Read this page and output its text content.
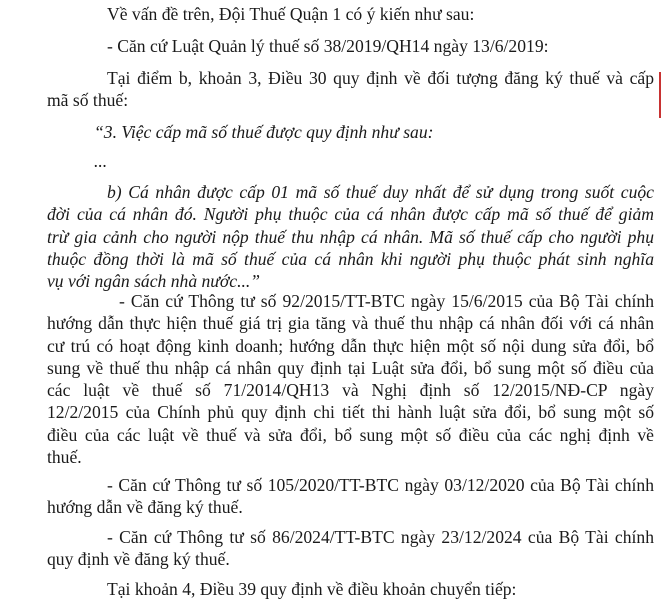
Về vấn đề trên, Đội Thuế Quận 1 có ý kiến như sau:
- Căn cứ Luật Quản lý thuế số 38/2019/QH14 ngày 13/6/2019:
Tại điểm b, khoản 3, Điều 30 quy định về đối tượng đăng ký thuế và cấp
mã số thuế:
“3. Việc cấp mã số thuế được quy định như sau:
...
b) Cá nhân được cấp 01 mã số thuế duy nhất để sử dụng trong suốt cuộc
đời của cá nhân đó. Người phụ thuộc của cá nhân được cấp mã số thuế để giảm
trừ gia cảnh cho người nộp thuế thu nhập cá nhân. Mã số thuế cấp cho người phụ
thuộc đồng thời là mã số thuế của cá nhân khi người phụ thuộc phát sinh nghĩa
vụ với ngân sách nhà nước...”
- Căn cứ Thông tư số 92/2015/TT-BTC ngày 15/6/2015 của Bộ Tài chính
hướng dẫn thực hiện thuế giá trị gia tăng và thuế thu nhập cá nhân đối với cá nhân
cư trú có hoạt động kinh doanh; hướng dẫn thực hiện một số nội dung sửa đổi, bổ
sung về thuế thu nhập cá nhân quy định tại Luật sửa đổi, bổ sung một số điều của
các luật về thuế số 71/2014/QH13 và Nghị định số 12/2015/NĐ-CP ngày
12/2/2015 của Chính phủ quy định chi tiết thi hành luật sửa đổi, bổ sung một số
điều của các luật về thuế và sửa đổi, bổ sung một số điều của các nghị định về
thuế.
- Căn cứ Thông tư số 105/2020/TT-BTC ngày 03/12/2020 của Bộ Tài chính
hướng dẫn về đăng ký thuế.
- Căn cứ Thông tư số 86/2024/TT-BTC ngày 23/12/2024 của Bộ Tài chính
quy định về đăng ký thuế.
Tại khoản 4, Điều 39 quy định về điều khoản chuyển tiếp:
